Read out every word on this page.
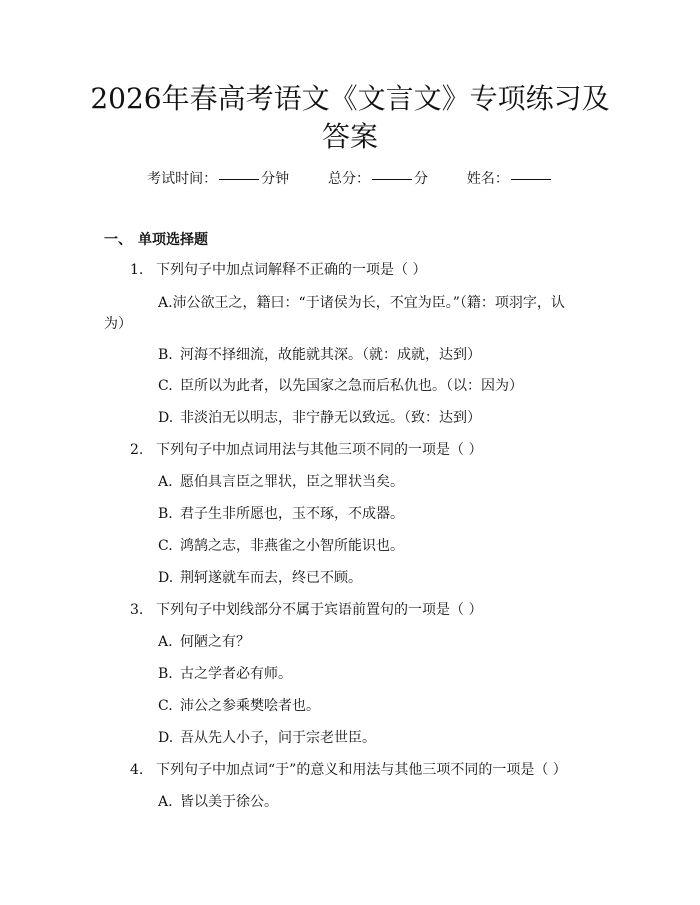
2026年春高考语文《文言文》专项练习及答案
考试时间：	分钟	总分：	分	姓名：
一、 单项选择题
1. 下列句子中加点词解释不正确的一项是（ ）
A.沛公欲王之，籍曰：“于诸侯为长，不宜为臣。”（籍：项羽字，认
为）
B. 河海不择细流，故能就其深。（就：成就，达到）
C. 臣所以为此者，以先国家之急而后私仇也。（以：因为）
D. 非淡泊无以明志，非宁静无以致远。（致：达到）
2. 下列句子中加点词用法与其他三项不同的一项是（ ）
A. 愿伯具言臣之罪状，臣之罪状当矣。
B. 君子生非所愿也，玉不琢，不成器。
C. 鸿鹄之志，非燕雀之小智所能识也。
D. 荆轲遂就车而去，终已不顾。
3. 下列句子中划线部分不属于宾语前置句的一项是（ ）
A. 何陋之有？
B. 古之学者必有师。
C. 沛公之参乘樊哙者也。
D. 吾从先人小子，问于宗老世臣。
4. 下列句子中加点词“于”的意义和用法与其他三项不同的一项是（ ）
A. 皆以美于徐公。
